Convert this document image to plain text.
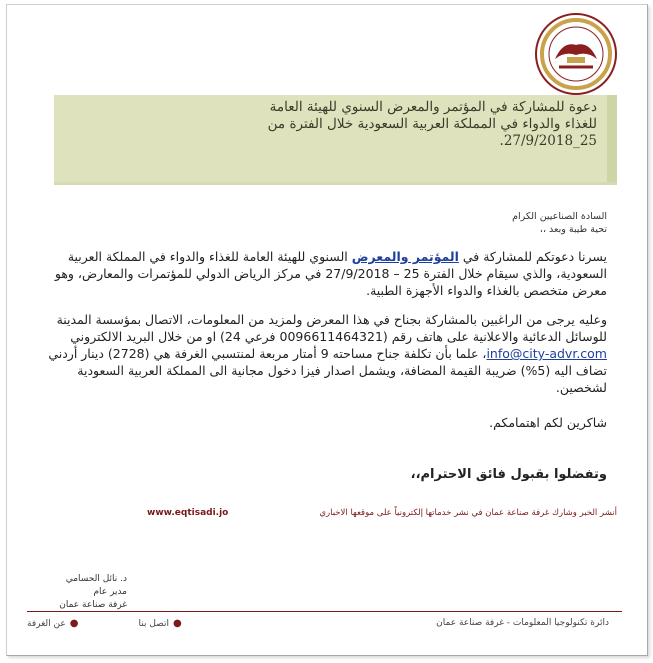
دعوة للمشاركة في المؤتمر والمعرض السنوي للهيئة العامة للغذاء والدواء في المملكة العربية السعودية خلال الفترة من 25_27/9/2018.
السادة الصناعيين الكرام
تحية طيبة وبعد ،،
يسرنا دعوتكم للمشاركة في المؤتمر والمعرض السنوي للهيئة العامة للغذاء والدواء في المملكة العربية السعودية، والذي سيقام خلال الفترة 25 – 27/9/2018 في مركز الرياض الدولي للمؤتمرات والمعارض، وهو معرض متخصص بالغذاء والدواء الأجهزة الطبية.
وعليه يرجى من الراغبين بالمشاركة بجناح في هذا المعرض ولمزيد من المعلومات، الاتصال بمؤسسة المدينة للوسائل الدعائية والاعلانية على هاتف رقم (0096611464321 فرعي 24) او من خلال البريد الالكتروني info@city-advr.com، علما بأن تكلفة جناح مساحته 9 أمتار مربعة لمنتسبي الغرفة هي (2728) دينار أردني تضاف اليه (5%) ضريبة القيمة المضافة، ويشمل اصدار فيزا دخول مجانية الى المملكة العربية السعودية لشخصين.
شاكرين لكم اهتمامكم.
وتفضلوا بقبول فائق الاحترام،،
www.eqtisadi.jo	أنشر الخبر وشارك غرفة صناعة عمان في نشر خدماتها إلكترونياً على موقعها الاخباري
د. نائل الحسامي
مدير عام
غرفة صناعة عمان
دائرة تكنولوجيا المعلومات - غرفة صناعة عمان
●
اتصل بنا
●
عن الغرفة
